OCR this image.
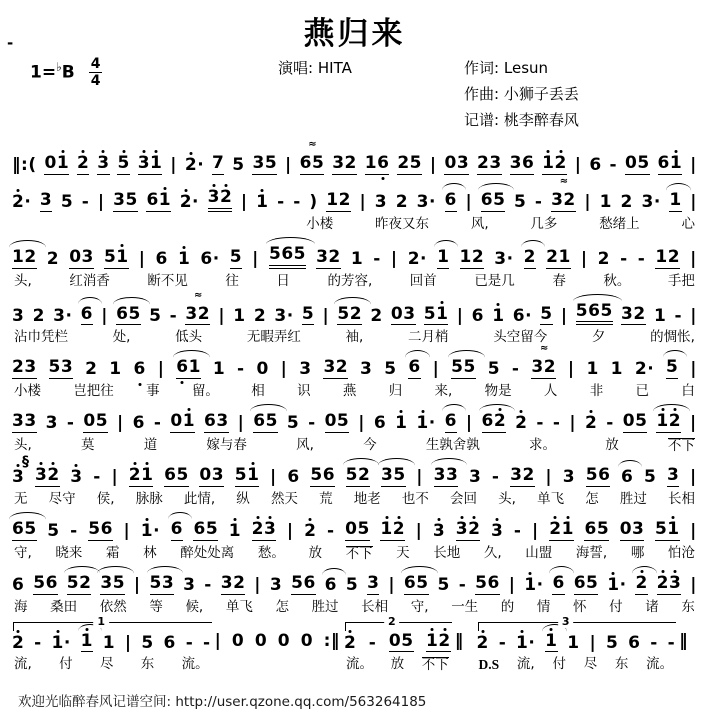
-	燕归来
$1=^♭B \frac{4}{4}$	演唱: HITA	作词: Lesun
作曲: 小狮子丢丢
记谱: 桃李醉春风
‖:( 01 2 3 5 31 | 2· 7 5 35 | 65 ≈ 32 16 25 | 03 23 36 12 | 6 - 05 61 |
2· 3 5 - | 35 61 2· 32 | 1 - - ) 12 | 3 2 3· 6 | 65 5 - 32 ≈ | 1 2 3· 1 |
小楼	昨夜又东	风,	几多	愁绪上	心
12 2 03 51 | 6 1 6· 5 | 565 32 1 - | 2· 1 12 3· 2 21 | 2 - - 12 |
头,	红消香	断不见	往	日	的芳容,	回首	已是几	春	秋。	手把
3 2 3· 6 | 65 5 - 32 ≈ | 1 2 3· 5 | 52 2 03 51 | 6 1 6· 5 | 565 32 1 - |
沾巾凭栏	处,	低头	无暇弄红	袖,	二月梢	头空留今	夕	的惆怅,
23 53 2 1 6 | 61 1 - 0 | 3 32 3 5 6 | 55 5 - 32 ≈ | 1 1 2· 5 |
小楼 岂把往 事 留。 相 识 燕 归 来, 物是 人 非 已 白
33 3 - 05 | 6 - 01 63 | 65 5 - 05 | 6 1 1· 6 | 62 2 - - | 2 - 05 12 |
头,	莫	道	嫁与春	风,	今	生孰舍孰	求。	放	不下
§
3 32 3 - | 21 65 03 51 | 6 56 52 35 | 33 3 - 32 | 3 56 6 5 3 |
无 尽守 侯, 脉脉 此情, 纵 然天 荒 地老 也不 会回 头, 单飞 怎 胜过 长相
65 5 - 56 | 1· 6 65 1 23 | 2 - 05 12 | 3 32 3 - | 21 65 03 51 |
守, 晓来 霜 林 醉处处离 愁。 放 不下 天 长地 久, 山盟 海誓, 哪 怕沧
6 56 52 35 | 53 3 - 32 | 3 56 6 5 3 | 65 5 - 56 | 1· 6 65 1· 2 23 |
海 桑田 依然 等 候, 单飞 怎 胜过 长相 守, 一生 的 情 怀 付 诸 东
1
2 - 1· 1 1 | 5 6 - -
流, 付 尽 东 流。
| 0 0 0 0 :‖
2
2 - 05 12
流。 放 不下
‖
3
2 - 1· 1 1 | 5 6 - -
D.S 流, 付 尽 东 流。
‖
欢迎光临醉春风记谱空间: http://user.qzone.qq.com/563264185
